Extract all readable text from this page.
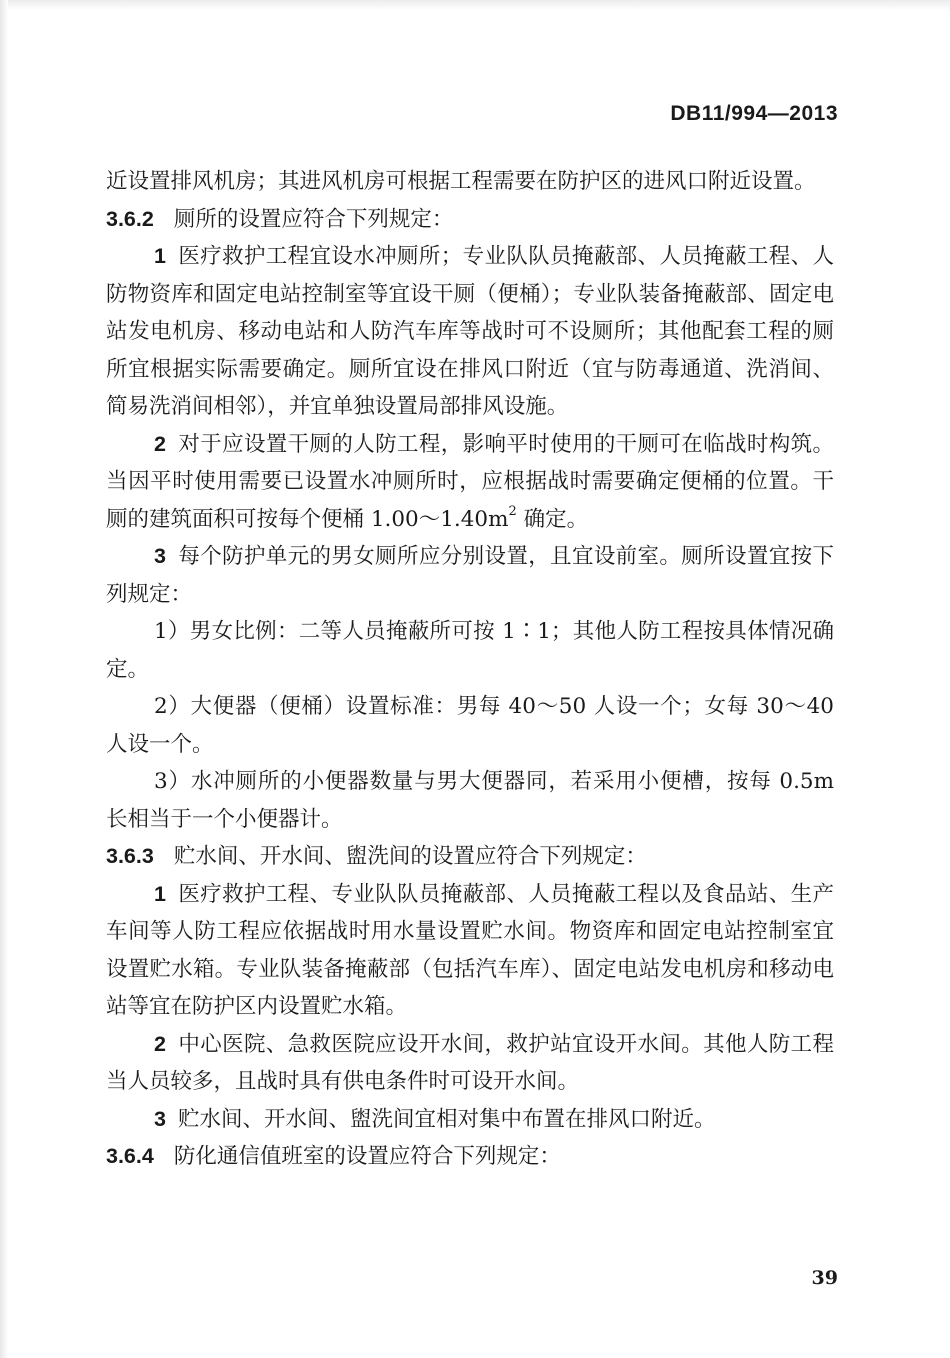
DB11/994—2013

近设置排风机房；其进风机房可根据工程需要在防护区的进风口附近设置。

3.6.2 厕所的设置应符合下列规定：

1 医疗救护工程宜设水冲厕所；专业队队员掩蔽部、人员掩蔽工程、人防物资库和固定电站控制室等宜设干厕（便桶）；专业队装备掩蔽部、固定电站发电机房、移动电站和人防汽车库等战时可不设厕所；其他配套工程的厕所宜根据实际需要确定。厕所宜设在排风口附近（宜与防毒通道、洗消间、简易洗消间相邻），并宜单独设置局部排风设施。

2 对于应设置干厕的人防工程，影响平时使用的干厕可在临战时构筑。当因平时使用需要已设置水冲厕所时，应根据战时需要确定便桶的位置。干厕的建筑面积可按每个便桶 $1.00\sim 1.40m^2$ 确定。

3 每个防护单元的男女厕所应分别设置，且宜设前室。厕所设置宜按下列规定：

1）男女比例：二等人员掩蔽所可按 1∶1；其他人防工程按具体情况确定。

2）大便器（便桶）设置标准：男每 40～50 人设一个；女每 30～40 人设一个。

3）水冲厕所的小便器数量与男大便器同，若采用小便槽，按每 0.5m 长相当于一个小便器计。

3.6.3 贮水间、开水间、盥洗间的设置应符合下列规定：

1 医疗救护工程、专业队队员掩蔽部、人员掩蔽工程以及食品站、生产车间等人防工程应依据战时用水量设置贮水间。物资库和固定电站控制室宜设置贮水箱。专业队装备掩蔽部（包括汽车库）、固定电站发电机房和移动电站等宜在防护区内设置贮水箱。

2 中心医院、急救医院应设开水间，救护站宜设开水间。其他人防工程当人员较多，且战时具有供电条件时可设开水间。

3 贮水间、开水间、盥洗间宜相对集中布置在排风口附近。

3.6.4 防化通信值班室的设置应符合下列规定：

39
